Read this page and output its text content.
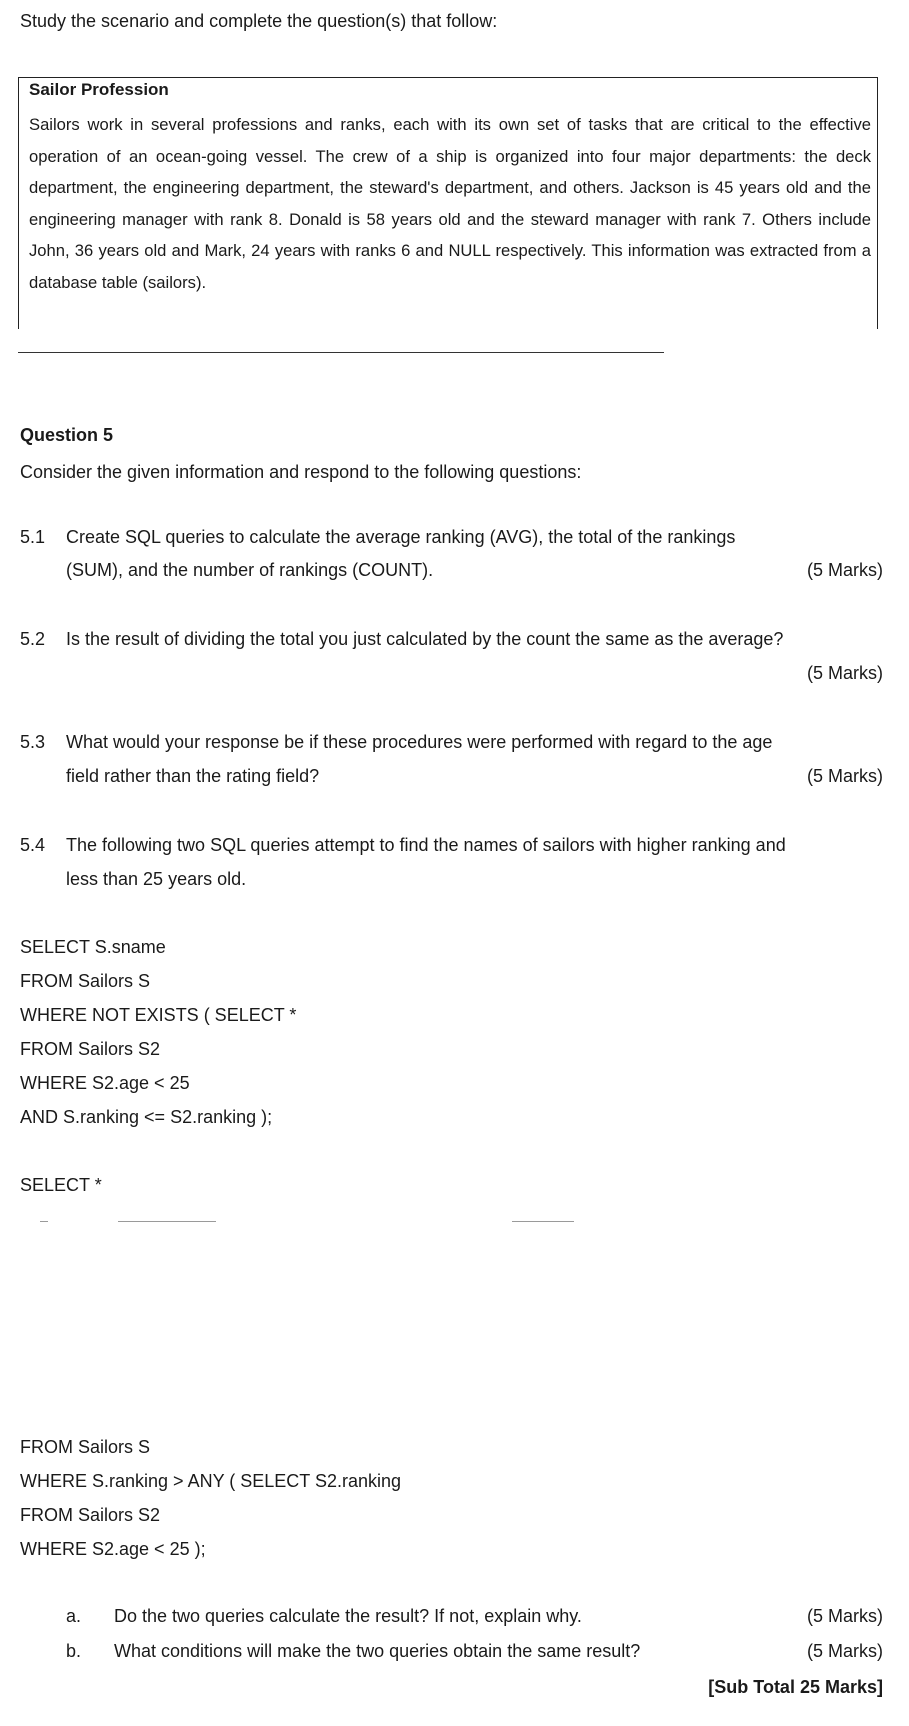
Study the scenario and complete the question(s) that follow:
Sailor Profession
Sailors work in several professions and ranks, each with its own set of tasks that are critical to the effective operation of an ocean-going vessel. The crew of a ship is organized into four major departments: the deck department, the engineering department, the steward's department, and others. Jackson is 45 years old and the engineering manager with rank 8. Donald is 58 years old and the steward manager with rank 7. Others include John, 36 years old and Mark, 24 years with ranks 6 and NULL respectively. This information was extracted from a database table (sailors).
Question 5
Consider the given information and respond to the following questions:
5.1 Create SQL queries to calculate the average ranking (AVG), the total of the rankings
(SUM), and the number of rankings (COUNT).	(5 Marks)
5.2 Is the result of dividing the total you just calculated by the count the same as the average?
(5 Marks)
5.3 What would your response be if these procedures were performed with regard to the age
field rather than the rating field?	(5 Marks)
5.4 The following two SQL queries attempt to find the names of sailors with higher ranking and
less than 25 years old.
SELECT S.sname
FROM Sailors S
WHERE NOT EXISTS ( SELECT *
FROM Sailors S2
WHERE S2.age < 25
AND S.ranking <= S2.ranking );
SELECT *
FROM Sailors S
WHERE S.ranking > ANY ( SELECT S2.ranking
FROM Sailors S2
WHERE S2.age < 25 );
a. Do the two queries calculate the result? If not, explain why.	(5 Marks)
b. What conditions will make the two queries obtain the same result?	(5 Marks)
[Sub Total 25 Marks]
